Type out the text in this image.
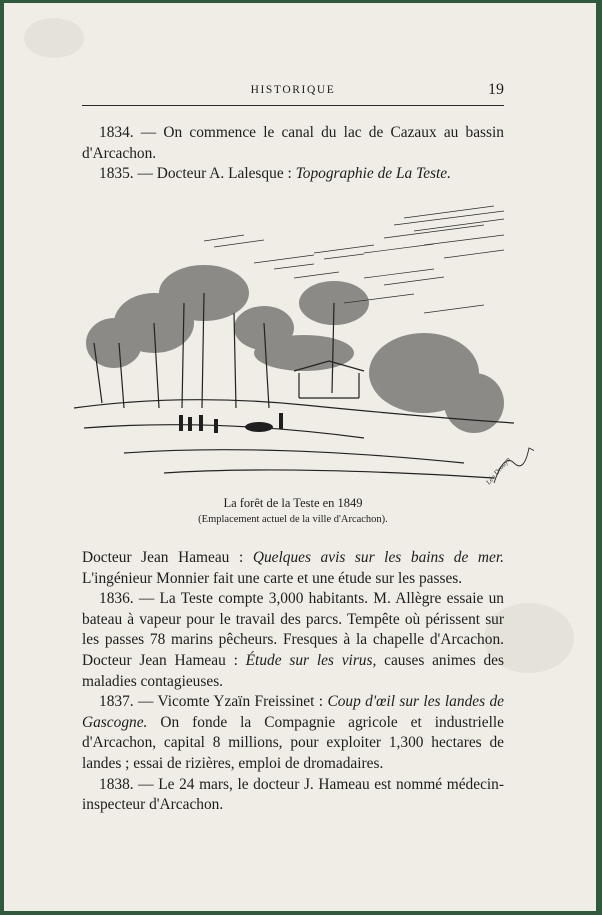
HISTORIQUE	19

1834. — On commence le canal du lac de Cazaux au bassin d'Arcachon.

1835. — Docteur A. Lalesque : Topographie de La Teste.

Léo Drouyn
La forêt de la Teste en 1849
(Emplacement actuel de la ville d'Arcachon).

Docteur Jean Hameau : Quelques avis sur les bains de mer. L'ingénieur Monnier fait une carte et une étude sur les passes.

1836. — La Teste compte 3,000 habitants. M. Allègre essaie un bateau à vapeur pour le travail des parcs. Tempête où périssent sur les passes 78 marins pêcheurs. Fresques à la chapelle d'Arcachon. Docteur Jean Hameau : Étude sur les virus, causes animes des maladies contagieuses.

1837. — Vicomte Yzaïn Freissinet : Coup d'œil sur les landes de Gascogne. On fonde la Compagnie agricole et industrielle d'Arcachon, capital 8 millions, pour exploiter 1,300 hectares de landes ; essai de rizières, emploi de dromadaires.

1838. — Le 24 mars, le docteur J. Hameau est nommé médecin-inspecteur d'Arcachon.
